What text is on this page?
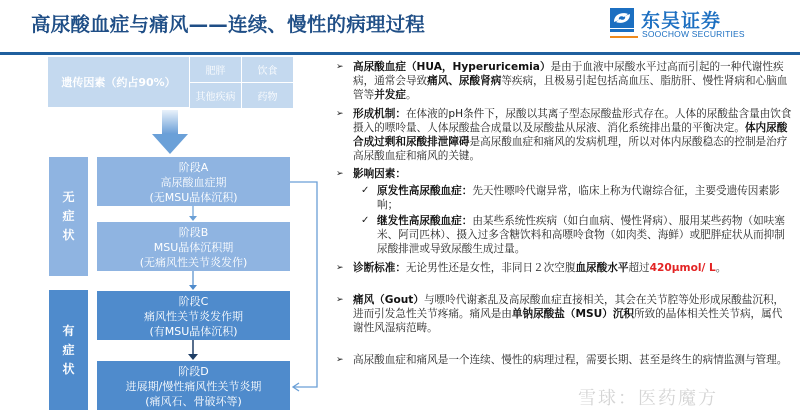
高尿酸血症与痛风——连续、慢性的病理过程	东吴证券
SOOCHOW SECURITIES
遗传因素（约占90%）
肥胖	饮食
其他疾病	药物
无
症
状
有
症
状
阶段A
高尿酸血症期
(无MSU晶体沉积)
阶段B
MSU晶体沉积期
(无痛风性关节炎发作)
阶段C
痛风性关节炎发作期
(有MSU晶体沉积)
阶段D
进展期/慢性痛风性关节炎期
(痛风石、骨破坏等)
➢ 高尿酸血症（HUA，Hyperuricemia）是由于血液中尿酸水平过高而引起的一种代谢性疾病，通常会导致痛风、尿酸肾病等疾病，且极易引起包括高血压、脂肪肝、慢性肾病和心脑血管等并发症。
➢ 形成机制：在体液的pH条件下，尿酸以其离子型态尿酸盐形式存在。人体的尿酸盐含量由饮食摄入的嘌呤量、人体尿酸盐合成量以及尿酸盐从尿液、消化系统排出量的平衡决定。体内尿酸合成过剩和尿酸排泄障碍是高尿酸血症和痛风的发病机理，所以对体内尿酸稳态的控制是治疗高尿酸血症和痛风的关键。
➢ 影响因素：
✓ 原发性高尿酸血症：先天性嘌呤代谢异常，临床上称为代谢综合征，主要受遗传因素影响；
✓ 继发性高尿酸血症：由某些系统性疾病（如白血病、慢性肾病）、服用某些药物（如呋塞米、阿司匹林）、摄入过多含糖饮料和高嘌呤食物（如肉类、海鲜）或肥胖症状从而抑制尿酸排泄或导致尿酸生成过量。
➢ 诊断标准：无论男性还是女性，非同日２次空腹血尿酸水平超过420μmol/ L。
➢ 痛风（Gout）与嘌呤代谢紊乱及高尿酸血症直接相关，其会在关节腔等处形成尿酸盐沉积，进而引发急性关节疼痛。痛风是由单钠尿酸盐（MSU）沉积所致的晶体相关性关节病，属代谢性风湿病范畴。
➢ 高尿酸血症和痛风是一个连续、慢性的病理过程，需要长期、甚至是终生的病情监测与管理。
雪球：医药魔方
